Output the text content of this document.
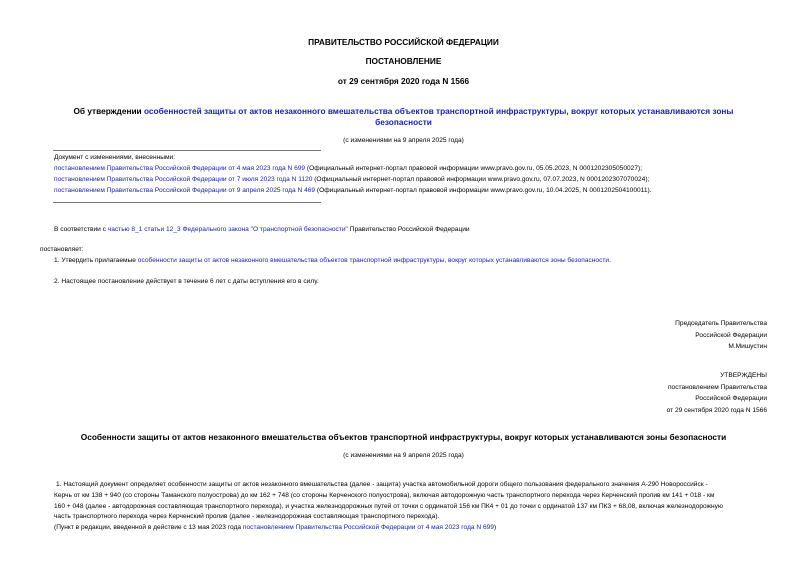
ПРАВИТЕЛЬСТВО РОССИЙСКОЙ ФЕДЕРАЦИИ
ПОСТАНОВЛЕНИЕ
от 29 сентября 2020 года N 1566
Об утверждении особенностей защиты от актов незаконного вмешательства объектов транспортной инфраструктуры, вокруг которых устанавливаются зоны
безопасности
(с изменениями на 9 апреля 2025 года)
Документ с изменениями, внесенными:
постановлением Правительства Российской Федерации от 4 мая 2023 года N 699 (Официальный интернет-портал правовой информации www.pravo.gov.ru, 05.05.2023, N 0001202305050027);
постановлением Правительства Российской Федерации от 7 июля 2023 года N 1120 (Официальный интернет-портал правовой информации www.pravo.gov.ru, 07.07.2023, N 0001202307070024);
постановлением Правительства Российской Федерации от 9 апреля 2025 года N 469 (Официальный интернет-портал правовой информации www.pravo.gov.ru, 10.04.2025, N 0001202504100011).
В соответствии с частью 8_1 статьи 12_3 Федерального закона "О транспортной безопасности" Правительство Российской Федерации
постановляет:
1. Утвердить прилагаемые особенности защиты от актов незаконного вмешательства объектов транспортной инфраструктуры, вокруг которых устанавливаются зоны безопасности.
2. Настоящее постановление действует в течение 6 лет с даты вступления его в силу.
Председатель Правительства
Российской Федерации
М.Мишустин
УТВЕРЖДЕНЫ
постановлением Правительства
Российской Федерации
от 29 сентября 2020 года N 1566
Особенности защиты от актов незаконного вмешательства объектов транспортной инфраструктуры, вокруг которых устанавливаются зоны безопасности
(с изменениями на 9 апреля 2025 года)
1. Настоящий документ определяет особенности защиты от актов незаконного вмешательства (далее - защита) участка автомобильной дороги общего пользования федерального значения А-290 Новороссийск -
Керчь от км 138 + 940 (со стороны Таманского полуострова) до км 162 + 748 (со стороны Керченского полуострова), включая автодорожную часть транспортного перехода через Керченский пролив км 141 + 018 - км
160 + 048 (далее - автодорожная составляющая транспортного перехода), и участка железнодорожных путей от точки с ординатой 156 км ПК4 + 01 до точки с ординатой 137 км ПК3 + 68,08, включая железнодорожную
часть транспортного перехода через Керченский пролив (далее - железнодорожная составляющая транспортного перехода).
(Пункт в редакции, введенной в действие с 13 мая 2023 года постановлением Правительства Российской Федерации от 4 мая 2023 года N 699)
